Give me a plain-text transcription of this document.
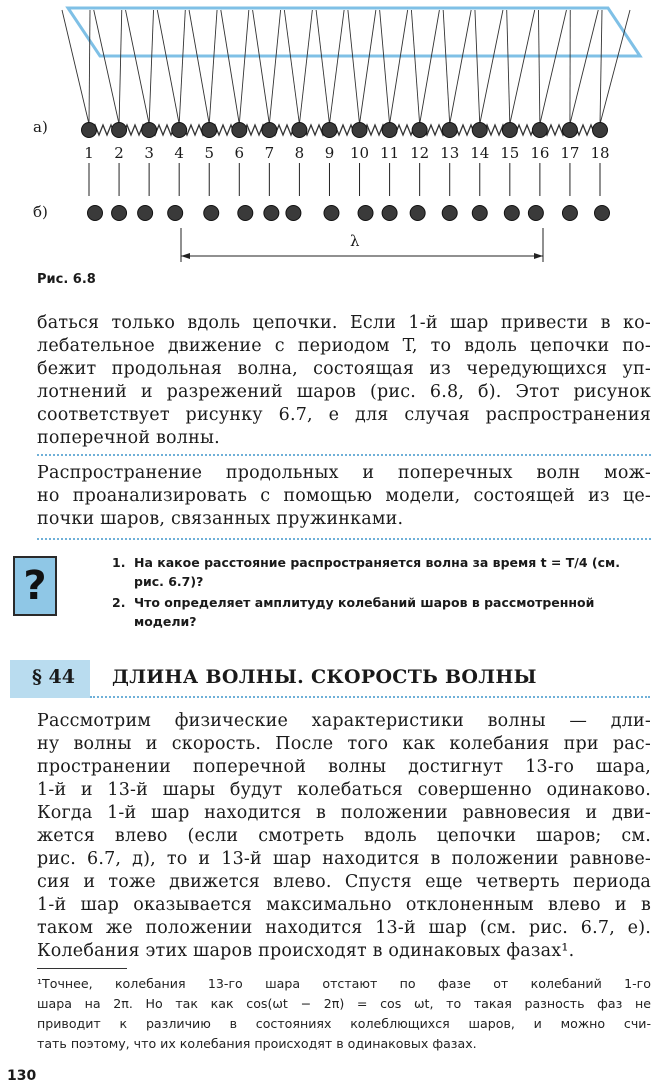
а)
б)
1	2	3	4	5	6	7	8	9	10 11 12 13 14 15 16 17 18
λ
Рис. 6.8
баться только вдоль цепочки. Если 1-й шар привести в ко-
лебательное движение с периодом T, то вдоль цепочки по-
бежит продольная волна, состоящая из чередующихся уп-
лотнений и разрежений шаров (рис. 6.8, б). Этот рисунок
соответствует рисунку 6.7, е для случая распространения
поперечной волны.
Распространение продольных и поперечных волн мож-
но проанализировать с помощью модели, состоящей из це-
почки шаров, связанных пружинками.
?
1. На какое расстояние распространяется волна за время t = T/4 (см. рис. 6.7)?
2. Что определяет амплитуду колебаний шаров в рассмотренной модели?
§ 44 ДЛИНА ВОЛНЫ. СКОРОСТЬ ВОЛНЫ
Рассмотрим физические характеристики волны — дли-
ну волны и скорость. После того как колебания при рас-
пространении поперечной волны достигнут 13-го шара,
1-й и 13-й шары будут колебаться совершенно одинаково.
Когда 1-й шар находится в положении равновесия и дви-
жется влево (если смотреть вдоль цепочки шаров; см.
рис. 6.7, д), то и 13-й шар находится в положении равнове-
сия и тоже движется влево. Спустя еще четверть периода
1-й шар оказывается максимально отклоненным влево и в
таком же положении находится 13-й шар (см. рис. 6.7, е).
Колебания этих шаров происходят в одинаковых фазах¹.
¹Точнее, колебания 13-го шара отстают по фазе от колебаний 1-го
шара на 2π. Но так как cos(ωt − 2π) = cos ωt, то такая разность фаз не
приводит к различию в состояниях колеблющихся шаров, и можно счи-
тать поэтому, что их колебания происходят в одинаковых фазах.
130
